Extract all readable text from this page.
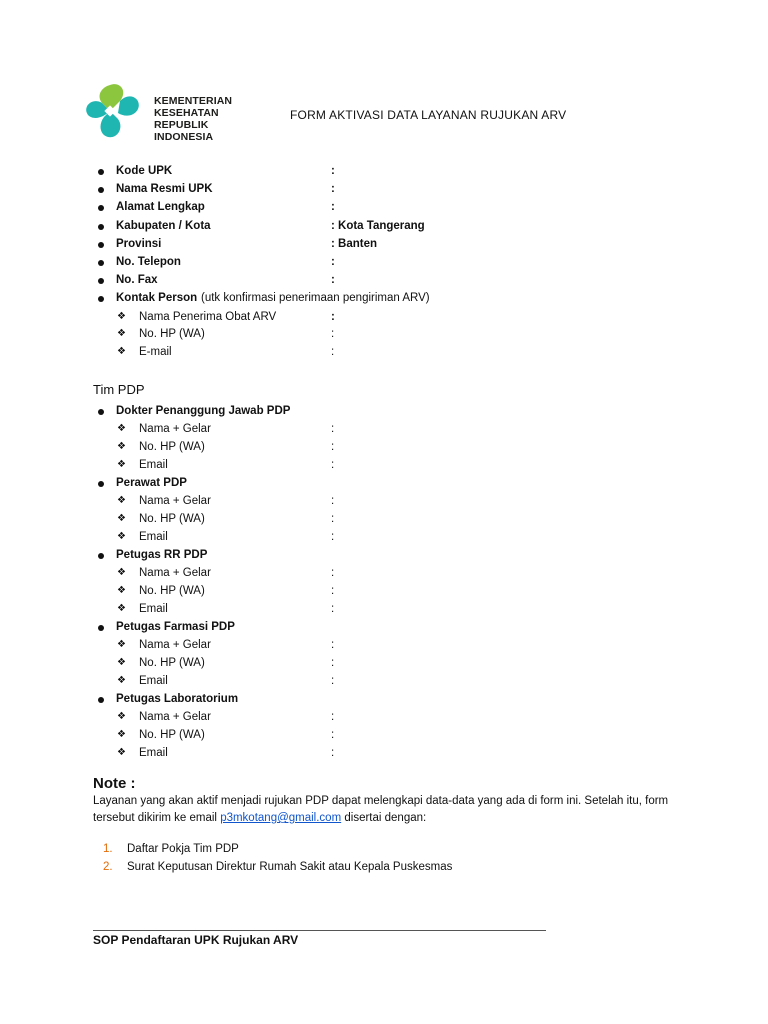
KEMENTERIAN
KESEHATAN
REPUBLIK
INDONESIA
FORM AKTIVASI DATA LAYANAN RUJUKAN ARV
Kode UPK	:
Nama Resmi UPK	:
Alamat Lengkap	:
Kabupaten / Kota	: Kota Tangerang
Provinsi	: Banten
No. Telepon	:
No. Fax	:
Kontak Person (utk konfirmasi penerimaan pengiriman ARV)
❖ Nama Penerima Obat ARV	:
❖ No. HP (WA)	:
❖ E-mail	:
Tim PDP
Dokter Penanggung Jawab PDP
❖ Nama + Gelar	:
❖ No. HP (WA)	:
❖ Email	:
Perawat PDP
❖ Nama + Gelar	:
❖ No. HP (WA)	:
❖ Email	:
Petugas RR PDP
❖ Nama + Gelar	:
❖ No. HP (WA)	:
❖ Email	:
Petugas Farmasi PDP
❖ Nama + Gelar	:
❖ No. HP (WA)	:
❖ Email	:
Petugas Laboratorium
❖ Nama + Gelar	:
❖ No. HP (WA)	:
❖ Email	:
Note :
Layanan yang akan aktif menjadi rujukan PDP dapat melengkapi data-data yang ada di form ini. Setelah itu, form tersebut dikirim ke email p3mkotang@gmail.com disertai dengan:
1. Daftar Pokja Tim PDP
2. Surat Keputusan Direktur Rumah Sakit atau Kepala Puskesmas
SOP Pendaftaran UPK Rujukan ARV
